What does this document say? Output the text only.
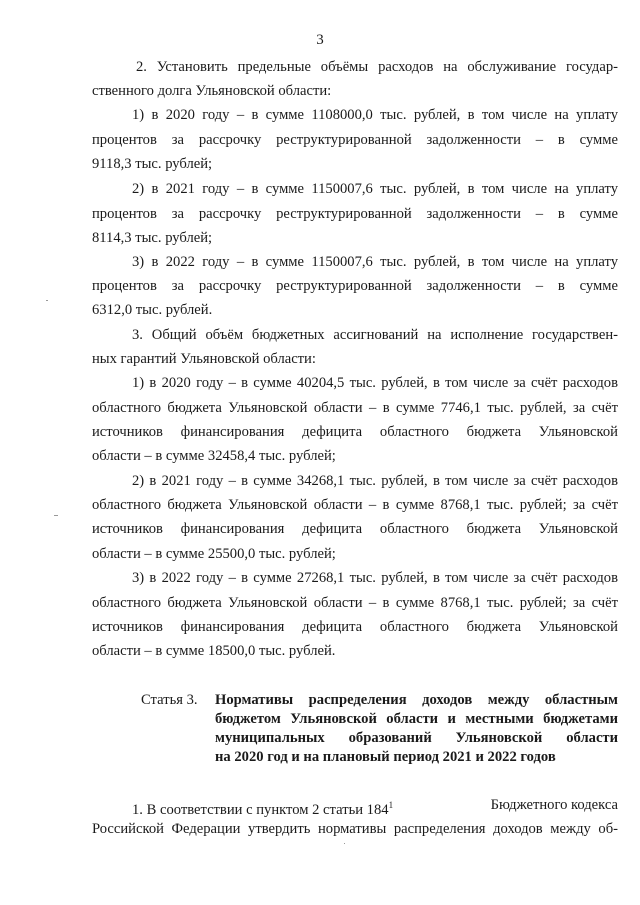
3
2. Установить предельные объёмы расходов на обслуживание государ-
ственного долга Ульяновской области:
1) в 2020 году – в сумме 1108000,0 тыс. рублей, в том числе на уплату
процентов за рассрочку реструктурированной задолженности – в сумме
9118,3 тыс. рублей;
2) в 2021 году – в сумме 1150007,6 тыс. рублей, в том числе на уплату
процентов за рассрочку реструктурированной задолженности – в сумме
8114,3 тыс. рублей;
3) в 2022 году – в сумме 1150007,6 тыс. рублей, в том числе на уплату
процентов за рассрочку реструктурированной задолженности – в сумме
6312,0 тыс. рублей.
3. Общий объём бюджетных ассигнований на исполнение государствен-
ных гарантий Ульяновской области:
1) в 2020 году – в сумме 40204,5 тыс. рублей, в том числе за счёт расходов
областного бюджета Ульяновской области – в сумме 7746,1 тыс. рублей, за счёт
источников финансирования дефицита областного бюджета Ульяновской
области – в сумме 32458,4 тыс. рублей;
2) в 2021 году – в сумме 34268,1 тыс. рублей, в том числе за счёт расходов
областного бюджета Ульяновской области – в сумме 8768,1 тыс. рублей; за счёт
источников финансирования дефицита областного бюджета Ульяновской
области – в сумме 25500,0 тыс. рублей;
3) в 2022 году – в сумме 27268,1 тыс. рублей, в том числе за счёт расходов
областного бюджета Ульяновской области – в сумме 8768,1 тыс. рублей; за счёт
источников финансирования дефицита областного бюджета Ульяновской
области – в сумме 18500,0 тыс. рублей.
Статья 3. Нормативы распределения доходов между областным
бюджетом Ульяновской области и местными бюджетами
муниципальных образований Ульяновской области
на 2020 год и на плановый период 2021 и 2022 годов
1. В соответствии с пунктом 2 статьи $184^1$	Бюджетного кодекса
Российской Федерации утвердить нормативы распределения доходов между об-
